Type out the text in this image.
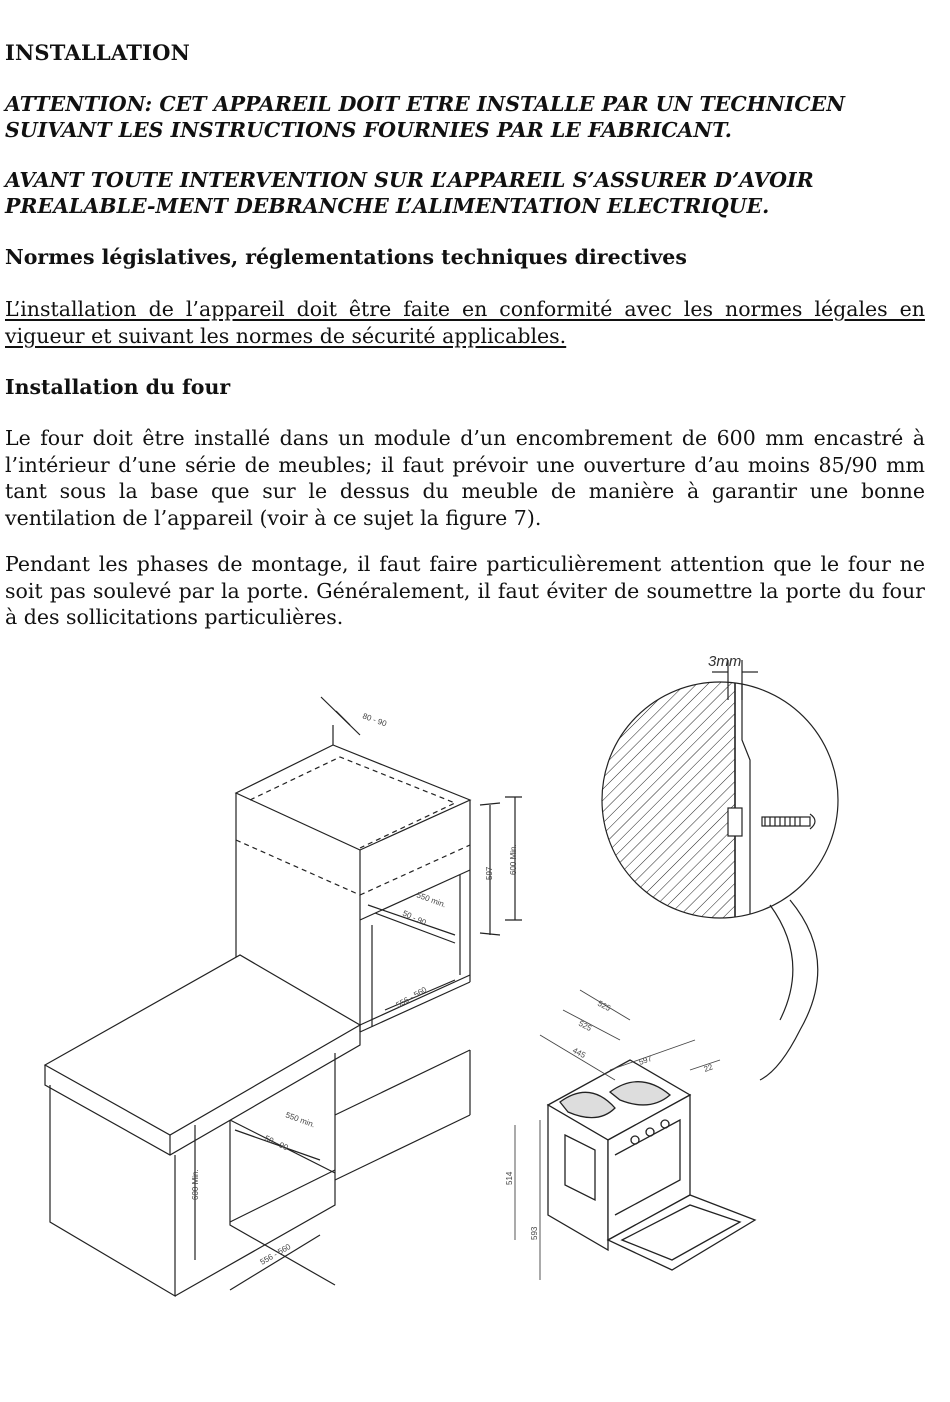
INSTALLATION
ATTENTION: CET APPAREIL DOIT ETRE INSTALLE PAR UN TECHNICEN SUIVANT LES INSTRUCTIONS FOURNIES PAR LE FABRICANT.
AVANT TOUTE INTERVENTION SUR L’APPAREIL S’ASSURER D’AVOIR PREALABLE-MENT DEBRANCHE L’ALIMENTATION ELECTRIQUE.
Normes législatives, réglementations techniques directives
L’installation de l’appareil doit être faite en conformité avec les normes légales en vigueur et suivant les normes de sécurité applicables.
Installation du four
Le four doit être installé dans un module d’un encombrement de 600 mm encastré à l’intérieur d’une série de meubles; il faut prévoir une ouverture d’au moins 85/90 mm tant sous la base que sur le dessus du meuble de manière à garantir une bonne ventilation de l’appareil (voir à ce sujet la figure 7).
Pendant les phases de montage, il faut faire particulièrement attention que le four ne soit pas soulevé par la porte. Généralement, il faut éviter de soumettre la porte du four à des sollicitations particulières.
80 - 90
597 600 Min.
550 min.
50 - 90
556 - 560
550 min.
50 - 90
600 Min.
556 - 560
3mm
525
525
445
597
22
514
593
